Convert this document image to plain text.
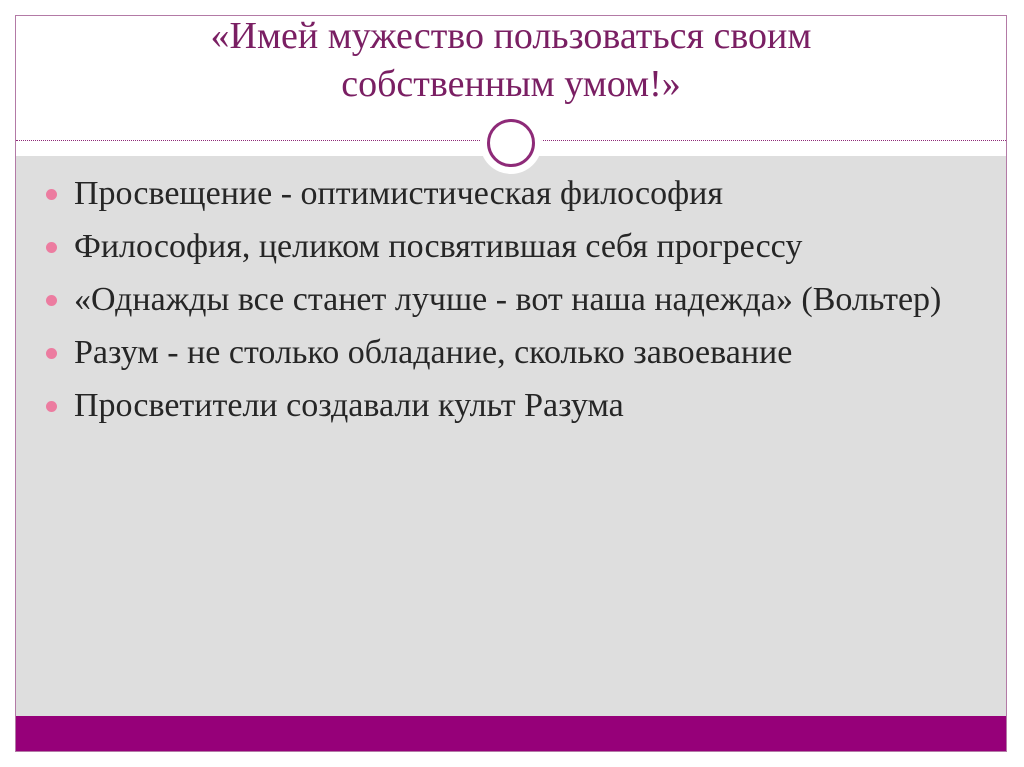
«Имей мужество пользоваться своим собственным умом!»
Просвещение - оптимистическая философия
Философия, целиком посвятившая себя прогрессу
«Однажды все станет лучше - вот наша надежда» (Вольтер)
Разум - не столько обладание, сколько завоевание
Просветители создавали культ Разума
